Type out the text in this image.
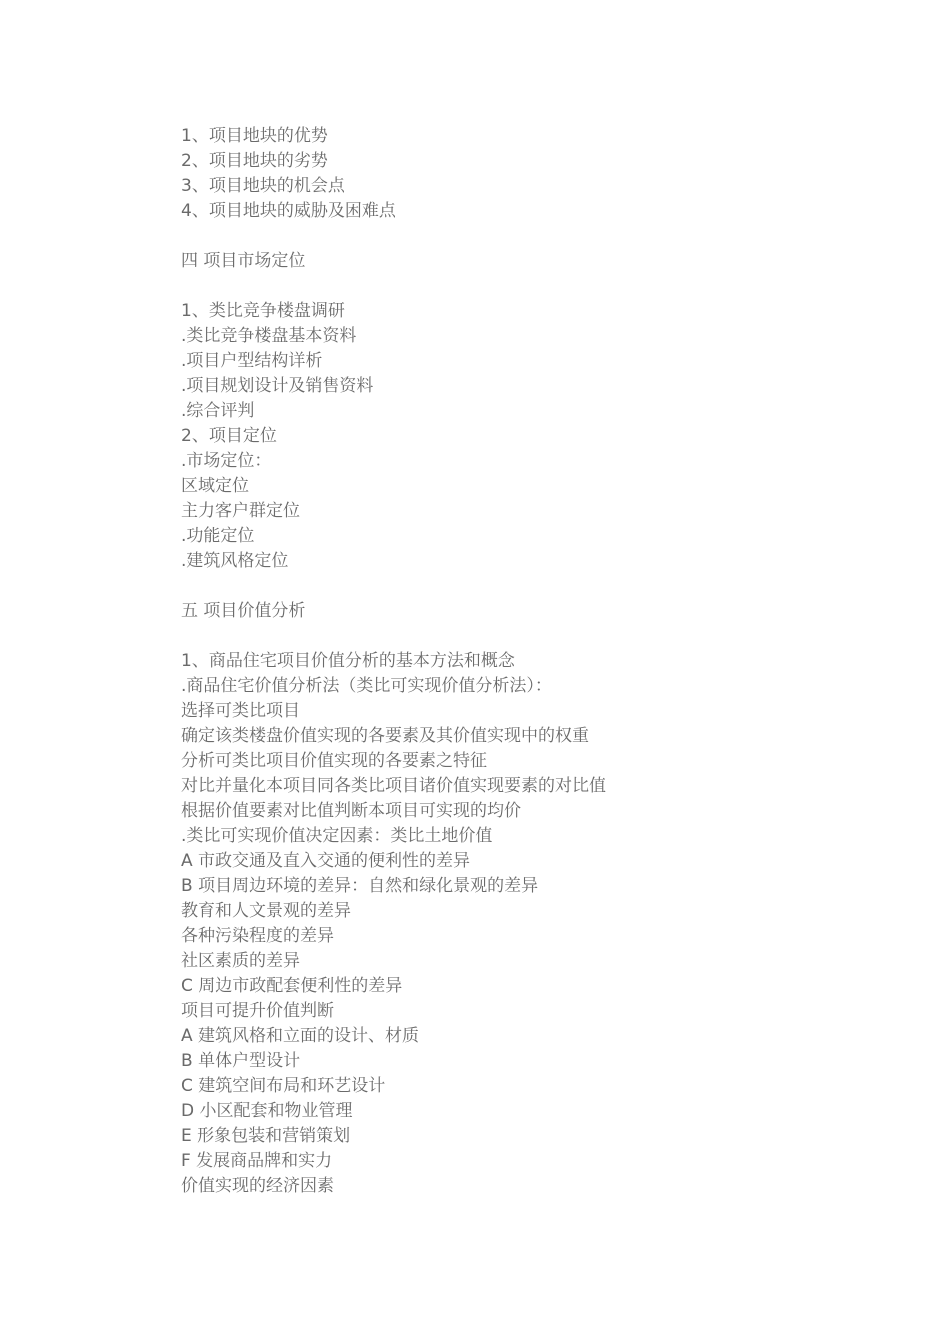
1、项目地块的优势
2、项目地块的劣势
3、项目地块的机会点
4、项目地块的威胁及困难点
四 项目市场定位
1、类比竞争楼盘调研
.类比竞争楼盘基本资料
.项目户型结构详析
.项目规划设计及销售资料
.综合评判
2、项目定位
.市场定位：
区域定位
主力客户群定位
.功能定位
.建筑风格定位
五 项目价值分析
1、商品住宅项目价值分析的基本方法和概念
.商品住宅价值分析法（类比可实现价值分析法）：
选择可类比项目
确定该类楼盘价值实现的各要素及其价值实现中的权重
分析可类比项目价值实现的各要素之特征
对比并量化本项目同各类比项目诸价值实现要素的对比值
根据价值要素对比值判断本项目可实现的均价
.类比可实现价值决定因素：类比土地价值
A 市政交通及直入交通的便利性的差异
B 项目周边环境的差异：自然和绿化景观的差异
教育和人文景观的差异
各种污染程度的差异
社区素质的差异
C 周边市政配套便利性的差异
项目可提升价值判断
A 建筑风格和立面的设计、材质
B 单体户型设计
C 建筑空间布局和环艺设计
D 小区配套和物业管理
E 形象包装和营销策划
F 发展商品牌和实力
价值实现的经济因素
